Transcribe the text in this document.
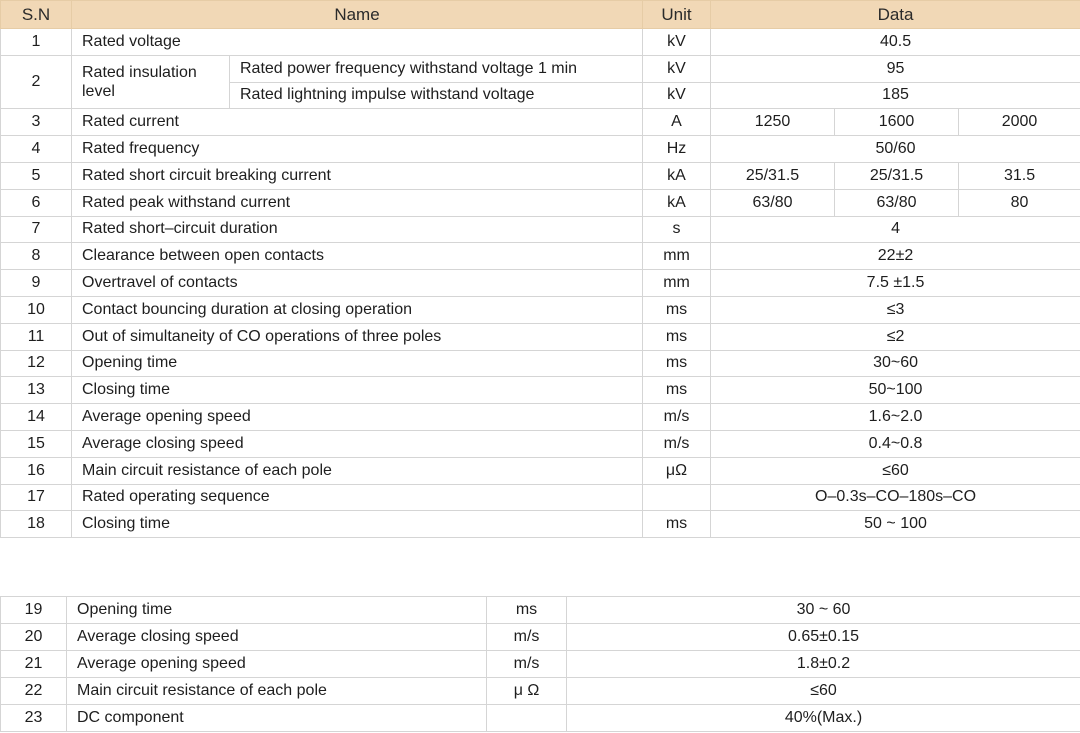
S.N	Name		Unit	Data		
1	Rated voltage		kV	40.5		
2	Rated insulation level	Rated power frequency withstand voltage 1 min	kV	95		
		Rated lightning impulse withstand voltage	kV	185		
3	Rated current		A	1250	1600	2000
4	Rated frequency		Hz	50/60		
5	Rated short circuit breaking current		kA	25/31.5	25/31.5	31.5
6	Rated peak withstand current		kA	63/80	63/80	80
7	Rated short–circuit duration		s	4		
8	Clearance between open contacts		mm	22±2		
9	Overtravel of contacts		mm	7.5 ±1.5		
10	Contact bouncing duration at closing operation		ms	≤3		
11	Out of simultaneity of CO operations of three poles		ms	≤2		
12	Opening time		ms	30~60		
13	Closing time		ms	50~100		
14	Average opening speed		m/s	1.6~2.0		
15	Average closing speed		m/s	0.4~0.8		
16	Main circuit resistance of each pole		μΩ	≤60		
17	Rated operating sequence			O–0.3s–CO–180s–CO		
18	Closing time		ms	50 ~ 100		
19	Opening time	ms	30 ~ 60
20	Average closing speed	m/s	0.65±0.15
21	Average opening speed	m/s	1.8±0.2
22	Main circuit resistance of each pole	μ Ω	≤60
23	DC component		40%(Max.)
